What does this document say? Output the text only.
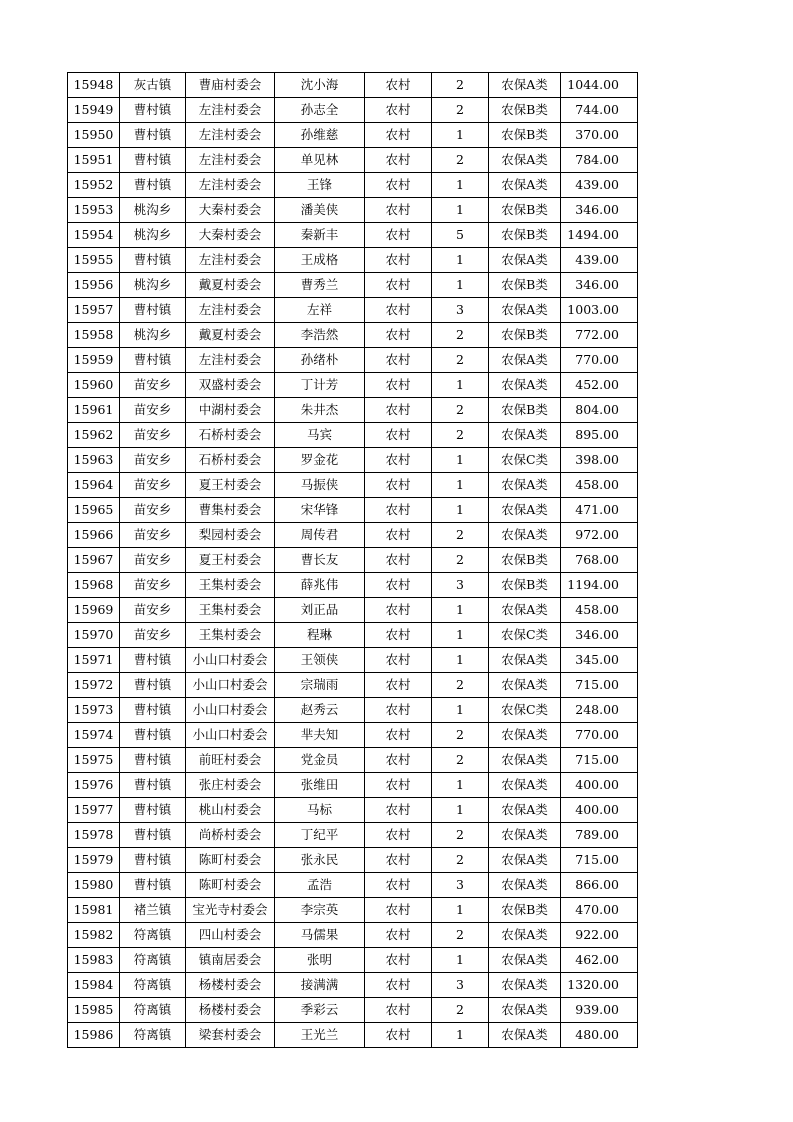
15948	灰古镇	曹庙村委会	沈小海	农村	2	农保A类	1044.00
15949	曹村镇	左洼村委会	孙志全	农村	2	农保B类	744.00
15950	曹村镇	左洼村委会	孙维慈	农村	1	农保B类	370.00
15951	曹村镇	左洼村委会	单见林	农村	2	农保A类	784.00
15952	曹村镇	左洼村委会	王锋	农村	1	农保A类	439.00
15953	桃沟乡	大秦村委会	潘美侠	农村	1	农保B类	346.00
15954	桃沟乡	大秦村委会	秦新丰	农村	5	农保B类	1494.00
15955	曹村镇	左洼村委会	王成格	农村	1	农保A类	439.00
15956	桃沟乡	戴夏村委会	曹秀兰	农村	1	农保B类	346.00
15957	曹村镇	左洼村委会	左祥	农村	3	农保A类	1003.00
15958	桃沟乡	戴夏村委会	李浩然	农村	2	农保B类	772.00
15959	曹村镇	左洼村委会	孙绪朴	农村	2	农保A类	770.00
15960	苗安乡	双盛村委会	丁计芳	农村	1	农保A类	452.00
15961	苗安乡	中湖村委会	朱井杰	农村	2	农保B类	804.00
15962	苗安乡	石桥村委会	马宾	农村	2	农保A类	895.00
15963	苗安乡	石桥村委会	罗金花	农村	1	农保C类	398.00
15964	苗安乡	夏王村委会	马振侠	农村	1	农保A类	458.00
15965	苗安乡	曹集村委会	宋华锋	农村	1	农保A类	471.00
15966	苗安乡	梨园村委会	周传君	农村	2	农保A类	972.00
15967	苗安乡	夏王村委会	曹长友	农村	2	农保B类	768.00
15968	苗安乡	王集村委会	薛兆伟	农村	3	农保B类	1194.00
15969	苗安乡	王集村委会	刘正品	农村	1	农保A类	458.00
15970	苗安乡	王集村委会	程琳	农村	1	农保C类	346.00
15971	曹村镇	小山口村委会	王领侠	农村	1	农保A类	345.00
15972	曹村镇	小山口村委会	宗瑞雨	农村	2	农保A类	715.00
15973	曹村镇	小山口村委会	赵秀云	农村	1	农保C类	248.00
15974	曹村镇	小山口村委会	芈夫知	农村	2	农保A类	770.00
15975	曹村镇	前旺村委会	党金员	农村	2	农保A类	715.00
15976	曹村镇	张庄村委会	张维田	农村	1	农保A类	400.00
15977	曹村镇	桃山村委会	马标	农村	1	农保A类	400.00
15978	曹村镇	尚桥村委会	丁纪平	农村	2	农保A类	789.00
15979	曹村镇	陈町村委会	张永民	农村	2	农保A类	715.00
15980	曹村镇	陈町村委会	孟浩	农村	3	农保A类	866.00
15981	褚兰镇	宝光寺村委会	李宗英	农村	1	农保B类	470.00
15982	符离镇	四山村委会	马儒果	农村	2	农保A类	922.00
15983	符离镇	镇南居委会	张明	农村	1	农保A类	462.00
15984	符离镇	杨楼村委会	接满满	农村	3	农保A类	1320.00
15985	符离镇	杨楼村委会	季彩云	农村	2	农保A类	939.00
15986	符离镇	梁套村委会	王光兰	农村	1	农保A类	480.00
